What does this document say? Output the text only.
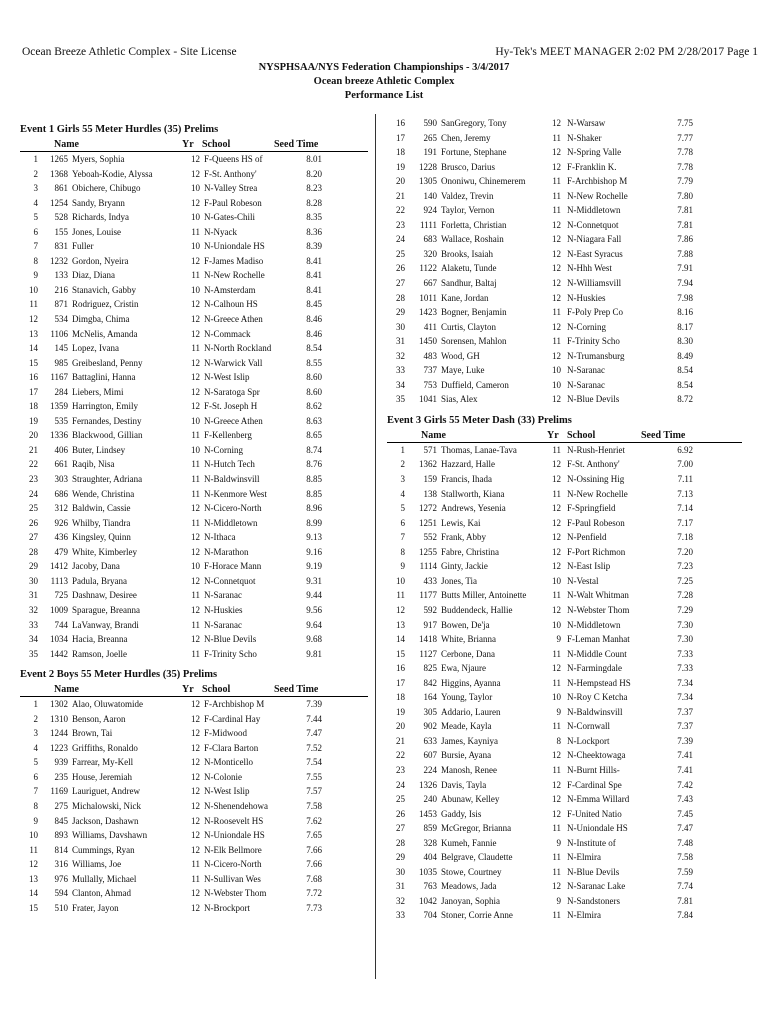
Ocean Breeze Athletic Complex - Site License	Hy-Tek's MEET MANAGER 2:02 PM 2/28/2017 Page 1
NYSPHSAA/NYS Federation Championships - 3/4/2017
Ocean breeze Athletic Complex
Performance List
Event 1 Girls 55 Meter Hurdles (35) Prelims
Name	Yr School	Seed Time
1	1265 Myers, Sophia	12 F-Queens HS of	8.01
2	1368 Yeboah-Kodie, Alyssa	12 F-St. Anthony'	8.20
3	861 Obichere, Chibugo	10 N-Valley Strea	8.23
4	1254 Sandy, Bryann	12 F-Paul Robeson	8.28
5	528 Richards, Indya	10 N-Gates-Chili	8.35
6	155 Jones, Louise	11 N-Nyack	8.36
7	831 Fuller	10 N-Uniondale HS	8.39
8	1232 Gordon, Nyeira	12 F-James Madiso	8.41
9	133 Diaz, Diana	11 N-New Rochelle	8.41
10	216 Stanavich, Gabby	10 N-Amsterdam	8.41
11	871 Rodriguez, Cristin	12 N-Calhoun HS	8.45
12	534 Dimgba, Chima	12 N-Greece Athen	8.46
13	1106 McNelis, Amanda	12 N-Commack	8.46
14	145 Lopez, Ivana	11 N-North Rockland	8.54
15	985 Greibesland, Penny	12 N-Warwick Vall	8.55
16	1167 Battaglini, Hanna	12 N-West Islip	8.60
17	284 Liebers, Mimi	12 N-Saratoga Spr	8.60
18	1359 Harrington, Emily	12 F-St. Joseph H	8.62
19	535 Fernandes, Destiny	10 N-Greece Athen	8.63
20	1336 Blackwood, Gillian	11 F-Kellenberg	8.65
21	406 Buter, Lindsey	10 N-Corning	8.74
22	661 Raqib, Nisa	11 N-Hutch Tech	8.76
23	303 Straughter, Adriana	11 N-Baldwinsvill	8.85
24	686 Wende, Christina	11 N-Kenmore West	8.85
25	312 Baldwin, Cassie	12 N-Cicero-North	8.96
26	926 Whilby, Tiandra	11 N-Middletown	8.99
27	436 Kingsley, Quinn	12 N-Ithaca	9.13
28	479 White, Kimberley	12 N-Marathon	9.16
29	1412 Jacoby, Dana	10 F-Horace Mann	9.19
30	1113 Padula, Bryana	12 N-Connetquot	9.31
31	725 Dashnaw, Desiree	11 N-Saranac	9.44
32	1009 Sparague, Breanna	12 N-Huskies	9.56
33	744 LaVanway, Brandi	11 N-Saranac	9.64
34	1034 Hacia, Breanna	12 N-Blue Devils	9.68
35	1442 Ramson, Joelle	11 F-Trinity Scho	9.81
Event 2 Boys 55 Meter Hurdles (35) Prelims
Name	Yr School	Seed Time
1	1302 Alao, Oluwatomide	12 F-Archbishop M	7.39
2	1310 Benson, Aaron	12 F-Cardinal Hay	7.44
3	1244 Brown, Tai	12 F-Midwood	7.47
4	1223 Griffiths, Ronaldo	12 F-Clara Barton	7.52
5	939 Farrear, My-Kell	12 N-Monticello	7.54
6	235 House, Jeremiah	12 N-Colonie	7.55
7	1169 Lauriguet, Andrew	12 N-West Islip	7.57
8	275 Michalowski, Nick	12 N-Shenendehowa	7.58
9	845 Jackson, Dashawn	12 N-Roosevelt HS	7.62
10	893 Williams, Davshawn	12 N-Uniondale HS	7.65
11	814 Cummings, Ryan	12 N-Elk Bellmore	7.66
12	316 Williams, Joe	11 N-Cicero-North	7.66
13	976 Mullally, Michael	11 N-Sullivan Wes	7.68
14	594 Clanton, Ahmad	12 N-Webster Thom	7.72
15	510 Frater, Jayon	12 N-Brockport	7.73
16	590 SanGregory, Tony	12 N-Warsaw	7.75
17	265 Chen, Jeremy	11 N-Shaker	7.77
18	191 Fortune, Stephane	12 N-Spring Valle	7.78
19	1228 Brusco, Darius	12 F-Franklin K.	7.78
20	1305 Ononiwu, Chinemerem	11 F-Archbishop M	7.79
21	140 Valdez, Trevin	11 N-New Rochelle	7.80
22	924 Taylor, Vernon	11 N-Middletown	7.81
23	1111 Forletta, Christian	12 N-Connetquot	7.81
24	683 Wallace, Roshain	12 N-Niagara Fall	7.86
25	320 Brooks, Isaiah	12 N-East Syracus	7.88
26	1122 Alaketu, Tunde	12 N-Hhh West	7.91
27	667 Sandhur, Baltaj	12 N-Williamsvill	7.94
28	1011 Kane, Jordan	12 N-Huskies	7.98
29	1423 Bogner, Benjamin	11 F-Poly Prep Co	8.16
30	411 Curtis, Clayton	12 N-Corning	8.17
31	1450 Sorensen, Mahlon	11 F-Trinity Scho	8.30
32	483 Wood, GH	12 N-Trumansburg	8.49
33	737 Maye, Luke	10 N-Saranac	8.54
34	753 Duffield, Cameron	10 N-Saranac	8.54
35	1041 Sias, Alex	12 N-Blue Devils	8.72
Event 3 Girls 55 Meter Dash (33) Prelims
Name	Yr School	Seed Time
1	571 Thomas, Lanae-Tava	11 N-Rush-Henriet	6.92
2	1362 Hazzard, Halle	12 F-St. Anthony'	7.00
3	159 Francis, Ihada	12 N-Ossining Hig	7.11
4	138 Stallworth, Kiana	11 N-New Rochelle	7.13
5	1272 Andrews, Yesenia	12 F-Springfield	7.14
6	1251 Lewis, Kai	12 F-Paul Robeson	7.17
7	552 Frank, Abby	12 N-Penfield	7.18
8	1255 Fabre, Christina	12 F-Port Richmon	7.20
9	1114 Ginty, Jackie	12 N-East Islip	7.23
10	433 Jones, Tia	10 N-Vestal	7.25
11	1177 Butts Miller, Antoinette	11 N-Walt Whitman	7.28
12	592 Buddendeck, Hallie	12 N-Webster Thom	7.29
13	917 Bowen, De'ja	10 N-Middletown	7.30
14	1418 White, Brianna	9 F-Leman Manhat	7.30
15	1127 Cerbone, Dana	11 N-Middle Count	7.33
16	825 Ewa, Njaure	12 N-Farmingdale	7.33
17	842 Higgins, Ayanna	11 N-Hempstead HS	7.34
18	164 Young, Taylor	10 N-Roy C Ketcha	7.34
19	305 Addario, Lauren	9 N-Baldwinsvill	7.37
20	902 Meade, Kayla	11 N-Cornwall	7.37
21	633 James, Kayniya	8 N-Lockport	7.39
22	607 Bursie, Ayana	12 N-Cheektowaga	7.41
23	224 Manosh, Renee	11 N-Burnt Hills-	7.41
24	1326 Davis, Tayla	12 F-Cardinal Spe	7.42
25	240 Abunaw, Kelley	12 N-Emma Willard	7.43
26	1453 Gaddy, Isis	12 F-United Natio	7.45
27	859 McGregor, Brianna	11 N-Uniondale HS	7.47
28	328 Kumeh, Fannie	9 N-Institute of	7.48
29	404 Belgrave, Claudette	11 N-Elmira	7.58
30	1035 Stowe, Courtney	11 N-Blue Devils	7.59
31	763 Meadows, Jada	12 N-Saranac Lake	7.74
32	1042 Janoyan, Sophia	9 N-Sandstoners	7.81
33	704 Stoner, Corrie Anne	11 N-Elmira	7.84
